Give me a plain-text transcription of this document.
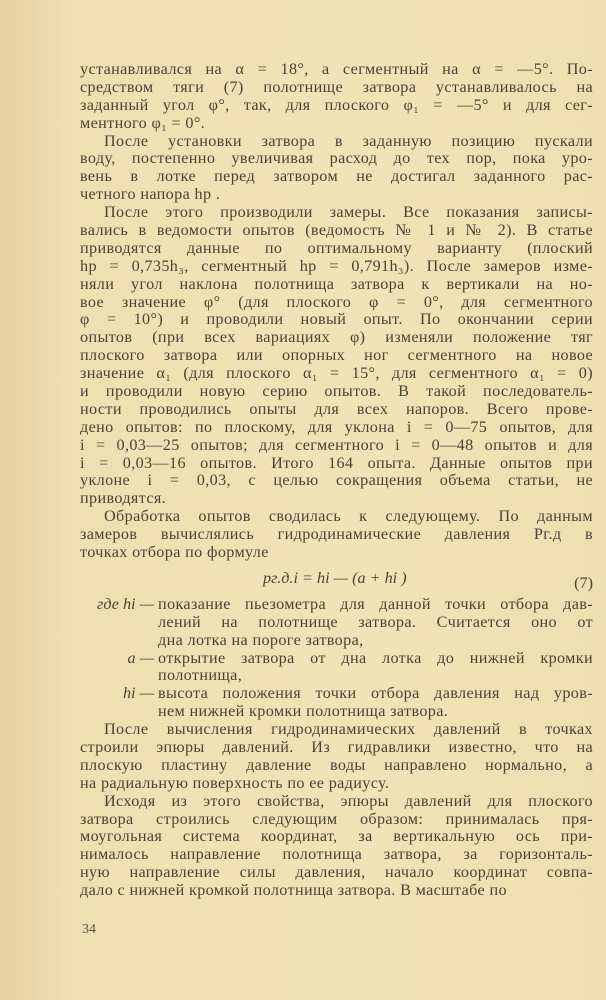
устанавливался на α = 18°, а сегментный на α = —5°. По-
средством тяги (7) полотнище затвора устанавливалось на
заданный угол φ°, так, для плоского φ₁ = —5° и для сег-
ментного φ₁ = 0°.
После установки затвора в заданную позицию пускали
воду, постепенно увеличивая расход до тех пор, пока уро-
вень в лотке перед затвором не достигал заданного рас-
четного напора hр .
После этого производили замеры. Все показания записы-
вались в ведомости опытов (ведомость № 1 и № 2). В статье
приводятся данные по оптимальному варианту (плоский
hр = 0,735h₃, сегментный hр = 0,791h₃). После замеров изме-
няли угол наклона полотнища затвора к вертикали на но-
вое значение φ° (для плоского φ = 0°, для сегментного
φ = 10°) и проводили новый опыт. По окончании серии
опытов (при всех вариациях φ) изменяли положение тяг
плоского затвора или опорных ног сегментного на новое
значение α₁ (для плоского α₁ = 15°, для сегментного α₁ = 0)
и проводили новую серию опытов. В такой последователь-
ности проводились опыты для всех напоров. Всего прове-
дено опытов: по плоскому, для уклона i = 0—75 опытов, для
i = 0,03—25 опытов; для сегментного i = 0—48 опытов и для
i = 0,03—16 опытов. Итого 164 опыта. Данные опытов при
уклоне i = 0,03, с целью сокращения объема статьи, не
приводятся.
Обработка опытов сводилась к следующему. По данным
замеров вычислялись гидродинамические давления Pг.д в
точках отбора по формуле
pг.д.i = hi — (a + hi )	(7)
где hi — показание пьезометра для данной точки отбора дав-
лений на полотнище затвора. Считается оно от
дна лотка на пороге затвора,
a — открытие затвора от дна лотка до нижней кромки
полотнища,
hi — высота положения точки отбора давления над уров-
нем нижней кромки полотнища затвора.
После вычисления гидродинамических давлений в точках
строили эпюры давлений. Из гидравлики известно, что на
плоскую пластину давление воды направлено нормально, а
на радиальную поверхность по ее радиусу.
Исходя из этого свойства, эпюры давлений для плоского
затвора строились следующим образом: принималась пря-
моугольная система координат, за вертикальную ось при-
нималось направление полотнища затвора, за горизонталь-
ную направление силы давления, начало координат совпа-
дало с нижней кромкой полотнища затвора. В масштабе по
34
